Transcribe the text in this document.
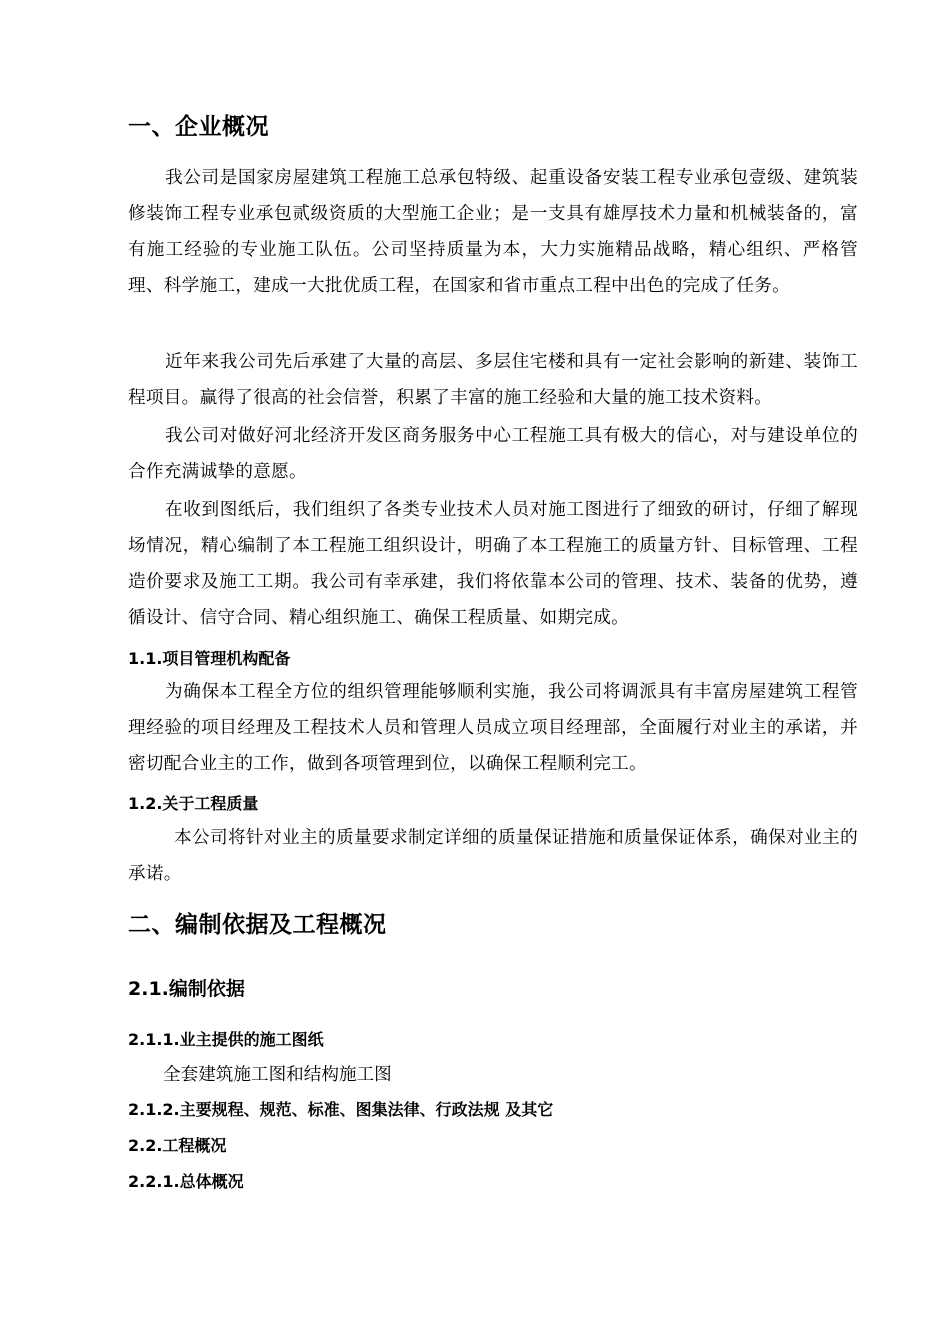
一、企业概况

我公司是国家房屋建筑工程施工总承包特级、起重设备安装工程专业承包壹级、建筑装修装饰工程专业承包贰级资质的大型施工企业；是一支具有雄厚技术力量和机械装备的，富有施工经验的专业施工队伍。公司坚持质量为本，大力实施精品战略，精心组织、严格管理、科学施工，建成一大批优质工程，在国家和省市重点工程中出色的完成了任务。

近年来我公司先后承建了大量的高层、多层住宅楼和具有一定社会影响的新建、装饰工程项目。赢得了很高的社会信誉，积累了丰富的施工经验和大量的施工技术资料。

我公司对做好河北经济开发区商务服务中心工程施工具有极大的信心，对与建设单位的合作充满诚挚的意愿。

在收到图纸后，我们组织了各类专业技术人员对施工图进行了细致的研讨，仔细了解现场情况，精心编制了本工程施工组织设计，明确了本工程施工的质量方针、目标管理、工程造价要求及施工工期。我公司有幸承建，我们将依靠本公司的管理、技术、装备的优势，遵循设计、信守合同、精心组织施工、确保工程质量、如期完成。

1.1.项目管理机构配备

为确保本工程全方位的组织管理能够顺利实施，我公司将调派具有丰富房屋建筑工程管理经验的项目经理及工程技术人员和管理人员成立项目经理部，全面履行对业主的承诺，并密切配合业主的工作，做到各项管理到位，以确保工程顺利完工。

1.2.关于工程质量

本公司将针对业主的质量要求制定详细的质量保证措施和质量保证体系，确保对业主的承诺。

二、编制依据及工程概况
2.1.编制依据
2.1.1.业主提供的施工图纸
全套建筑施工图和结构施工图
2.1.2.主要规程、规范、标准、图集法律、行政法规 及其它
2.2.工程概况
2.2.1.总体概况
